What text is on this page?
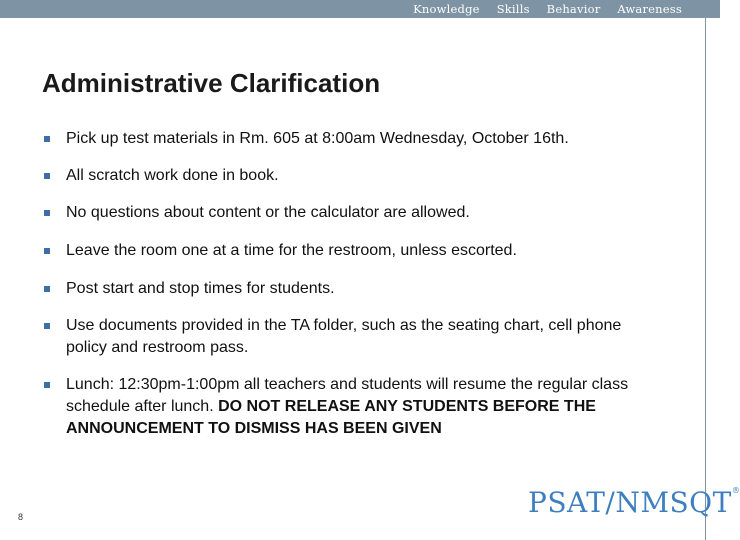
Knowledge Skills Behavior Awareness
Administrative Clarification
Pick up test materials in Rm. 605 at 8:00am Wednesday, October 16th.
All scratch work done in book.
No questions about content or the calculator are allowed.
Leave the room one at a time for the restroom, unless escorted.
Post start and stop times for students.
Use documents provided in the TA folder, such as the seating chart, cell phone policy and restroom pass.
Lunch: 12:30pm-1:00pm all teachers and students will resume the regular class schedule after lunch. DO NOT RELEASE ANY STUDENTS BEFORE THE ANNOUNCEMENT TO DISMISS HAS BEEN GIVEN
8	PSAT/NMSQT®
